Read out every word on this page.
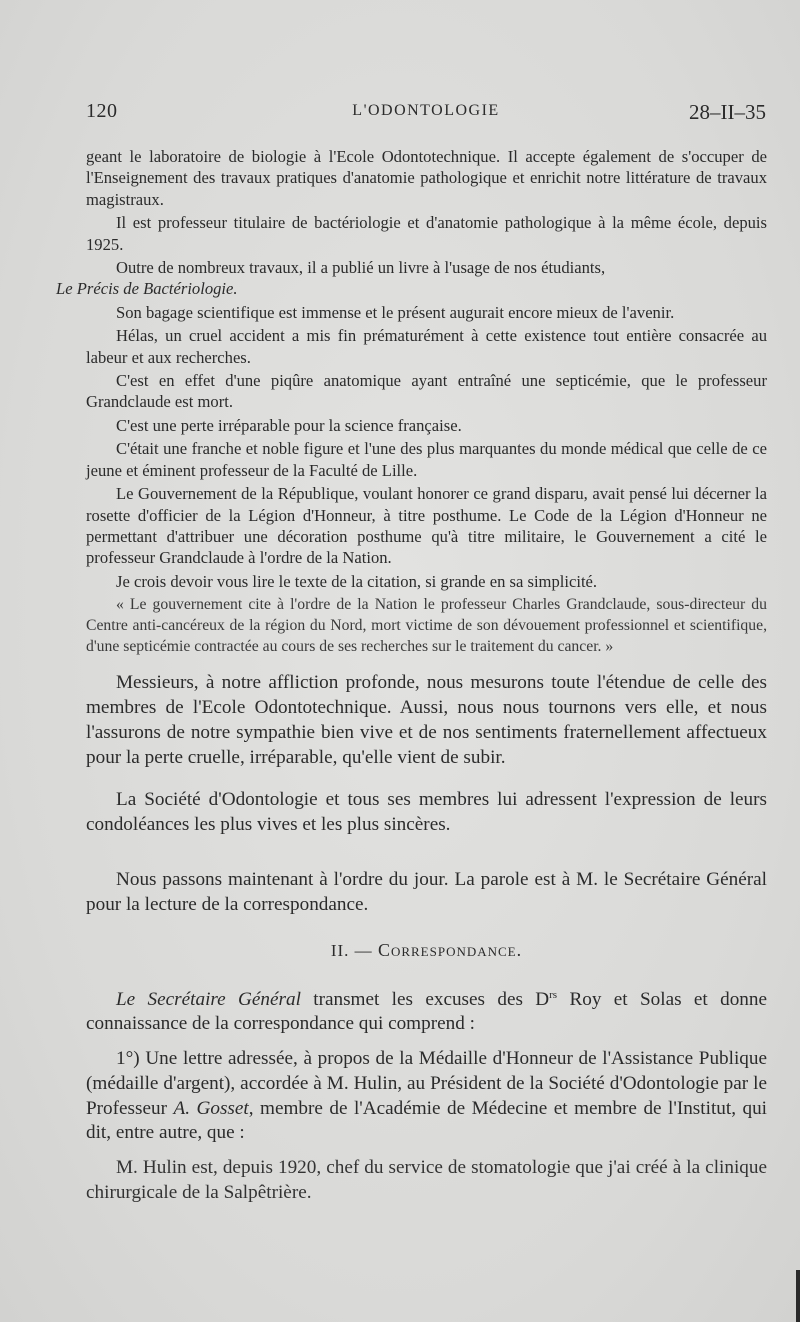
120	L'ODONTOLOGIE	28–II–35

geant le laboratoire de biologie à l'Ecole Odontotechnique. Il accepte également de s'occuper de l'Enseignement des travaux pratiques d'anatomie pathologique et enrichit notre littérature de travaux magistraux.

Il est professeur titulaire de bactériologie et d'anatomie pathologique à la même école, depuis 1925.

Outre de nombreux travaux, il a publié un livre à l'usage de nos étudiants,
Le Précis de Bactériologie.

Son bagage scientifique est immense et le présent augurait encore mieux de l'avenir.

Hélas, un cruel accident a mis fin prématurément à cette existence tout entière consacrée au labeur et aux recherches.

C'est en effet d'une piqûre anatomique ayant entraîné une septicémie, que le professeur Grandclaude est mort.

C'est une perte irréparable pour la science française.

C'était une franche et noble figure et l'une des plus marquantes du monde médical que celle de ce jeune et éminent professeur de la Faculté de Lille.

Le Gouvernement de la République, voulant honorer ce grand disparu, avait pensé lui décerner la rosette d'officier de la Légion d'Honneur, à titre posthume. Le Code de la Légion d'Honneur ne permettant d'attribuer une décoration posthume qu'à titre militaire, le Gouvernement a cité le professeur Grandclaude à l'ordre de la Nation.

Je crois devoir vous lire le texte de la citation, si grande en sa simplicité.

« Le gouvernement cite à l'ordre de la Nation le professeur Charles Grandclaude, sous-directeur du Centre anti-cancéreux de la région du Nord, mort victime de son dévouement professionnel et scientifique, d'une septicémie contractée au cours de ses recherches sur le traitement du cancer. »

Messieurs, à notre affliction profonde, nous mesurons toute l'étendue de celle des membres de l'Ecole Odontotechnique. Aussi, nous nous tournons vers elle, et nous l'assurons de notre sympathie bien vive et de nos sentiments fraternellement affectueux pour la perte cruelle, irréparable, qu'elle vient de subir.

La Société d'Odontologie et tous ses membres lui adressent l'expression de leurs condoléances les plus vives et les plus sincères.

Nous passons maintenant à l'ordre du jour. La parole est à M. le Secrétaire Général pour la lecture de la correspondance.

II. — Correspondance.

Le Secrétaire Général transmet les excuses des $D^{rs}$ Roy et Solas et donne connaissance de la correspondance qui comprend :

1°) Une lettre adressée, à propos de la Médaille d'Honneur de l'Assistance Publique (médaille d'argent), accordée à M. Hulin, au Président de la Société d'Odontologie par le Professeur A. Gosset, membre de l'Académie de Médecine et membre de l'Institut, qui dit, entre autre, que :

M. Hulin est, depuis 1920, chef du service de stomatologie que j'ai créé à la clinique chirurgicale de la Salpêtrière.
